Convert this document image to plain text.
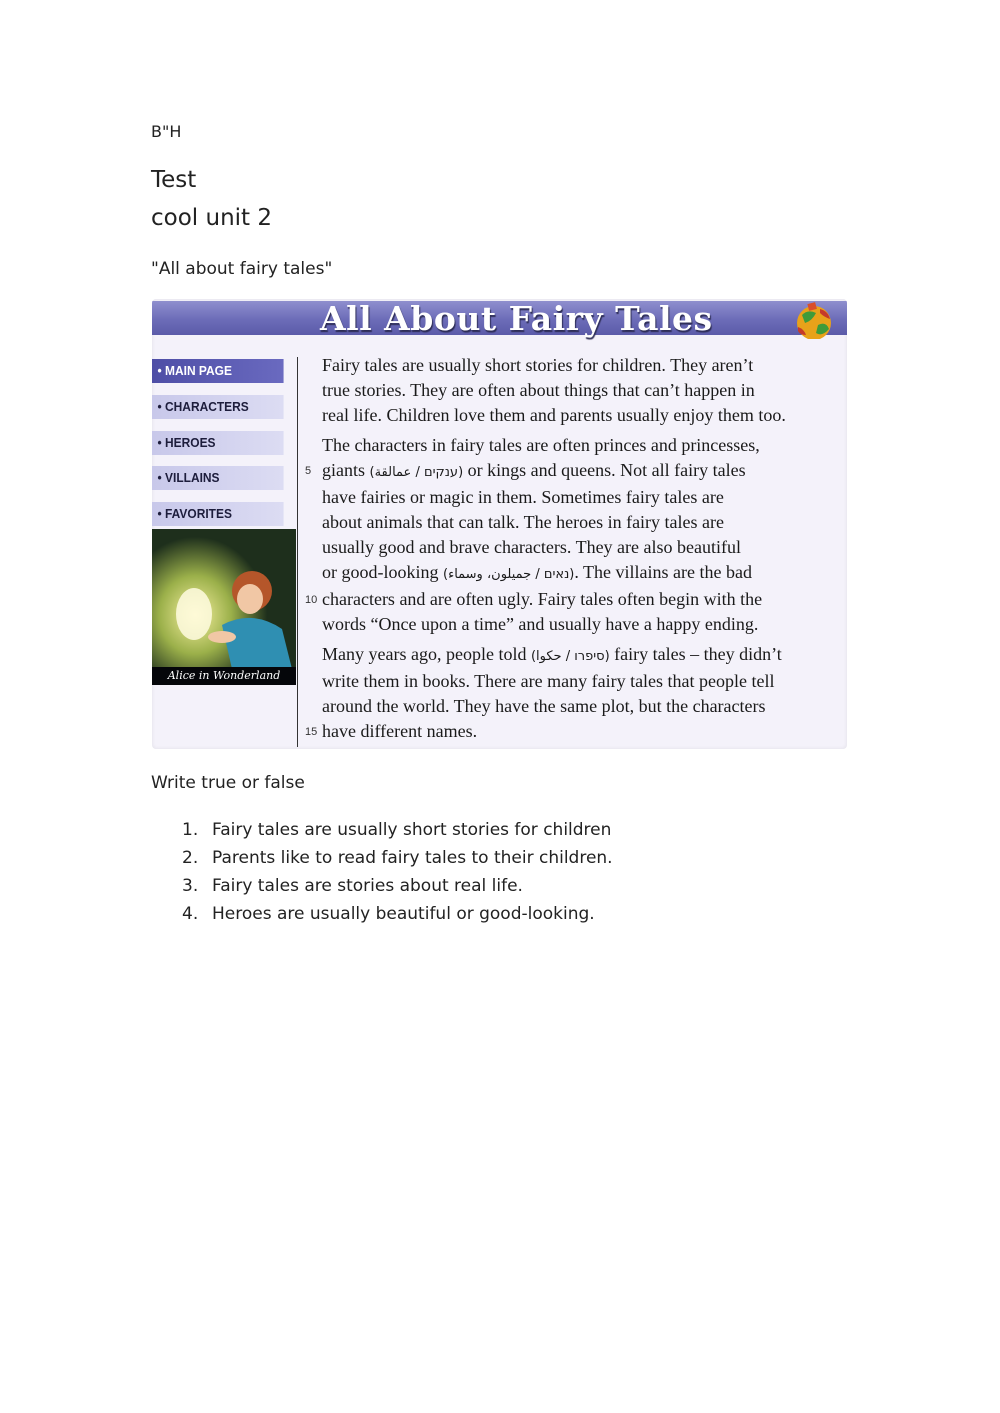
B"H
Test
cool unit 2
"All about fairy tales"
All About Fairy Tales
• MAIN PAGE
• CHARACTERS
• HEROES
• VILLAINS
• FAVORITES
Alice in Wonderland

Fairy tales are usually short stories for children. They aren’t
true stories. They are often about things that can’t happen in
real life. Children love them and parents usually enjoy them too.

The characters in fairy tales are often princes and princesses,
5 giants (ענקים / عمالقة) or kings and queens. Not all fairy tales
have fairies or magic in them. Sometimes fairy tales are
about animals that can talk. The heroes in fairy tales are
usually good and brave characters. They are also beautiful
or good-looking (נאים / جميلون، وسماء). The villains are the bad
10 characters and are often ugly. Fairy tales often begin with the
words “Once upon a time” and usually have a happy ending.

Many years ago, people told (סיפרו / حكوا) fairy tales – they didn’t
write them in books. There are many fairy tales that people tell
around the world. They have the same plot, but the characters
15 have different names.

Write true or false
1. Fairy tales are usually short stories for children
2. Parents like to read fairy tales to their children.
3. Fairy tales are stories about real life.
4. Heroes are usually beautiful or good-looking.
